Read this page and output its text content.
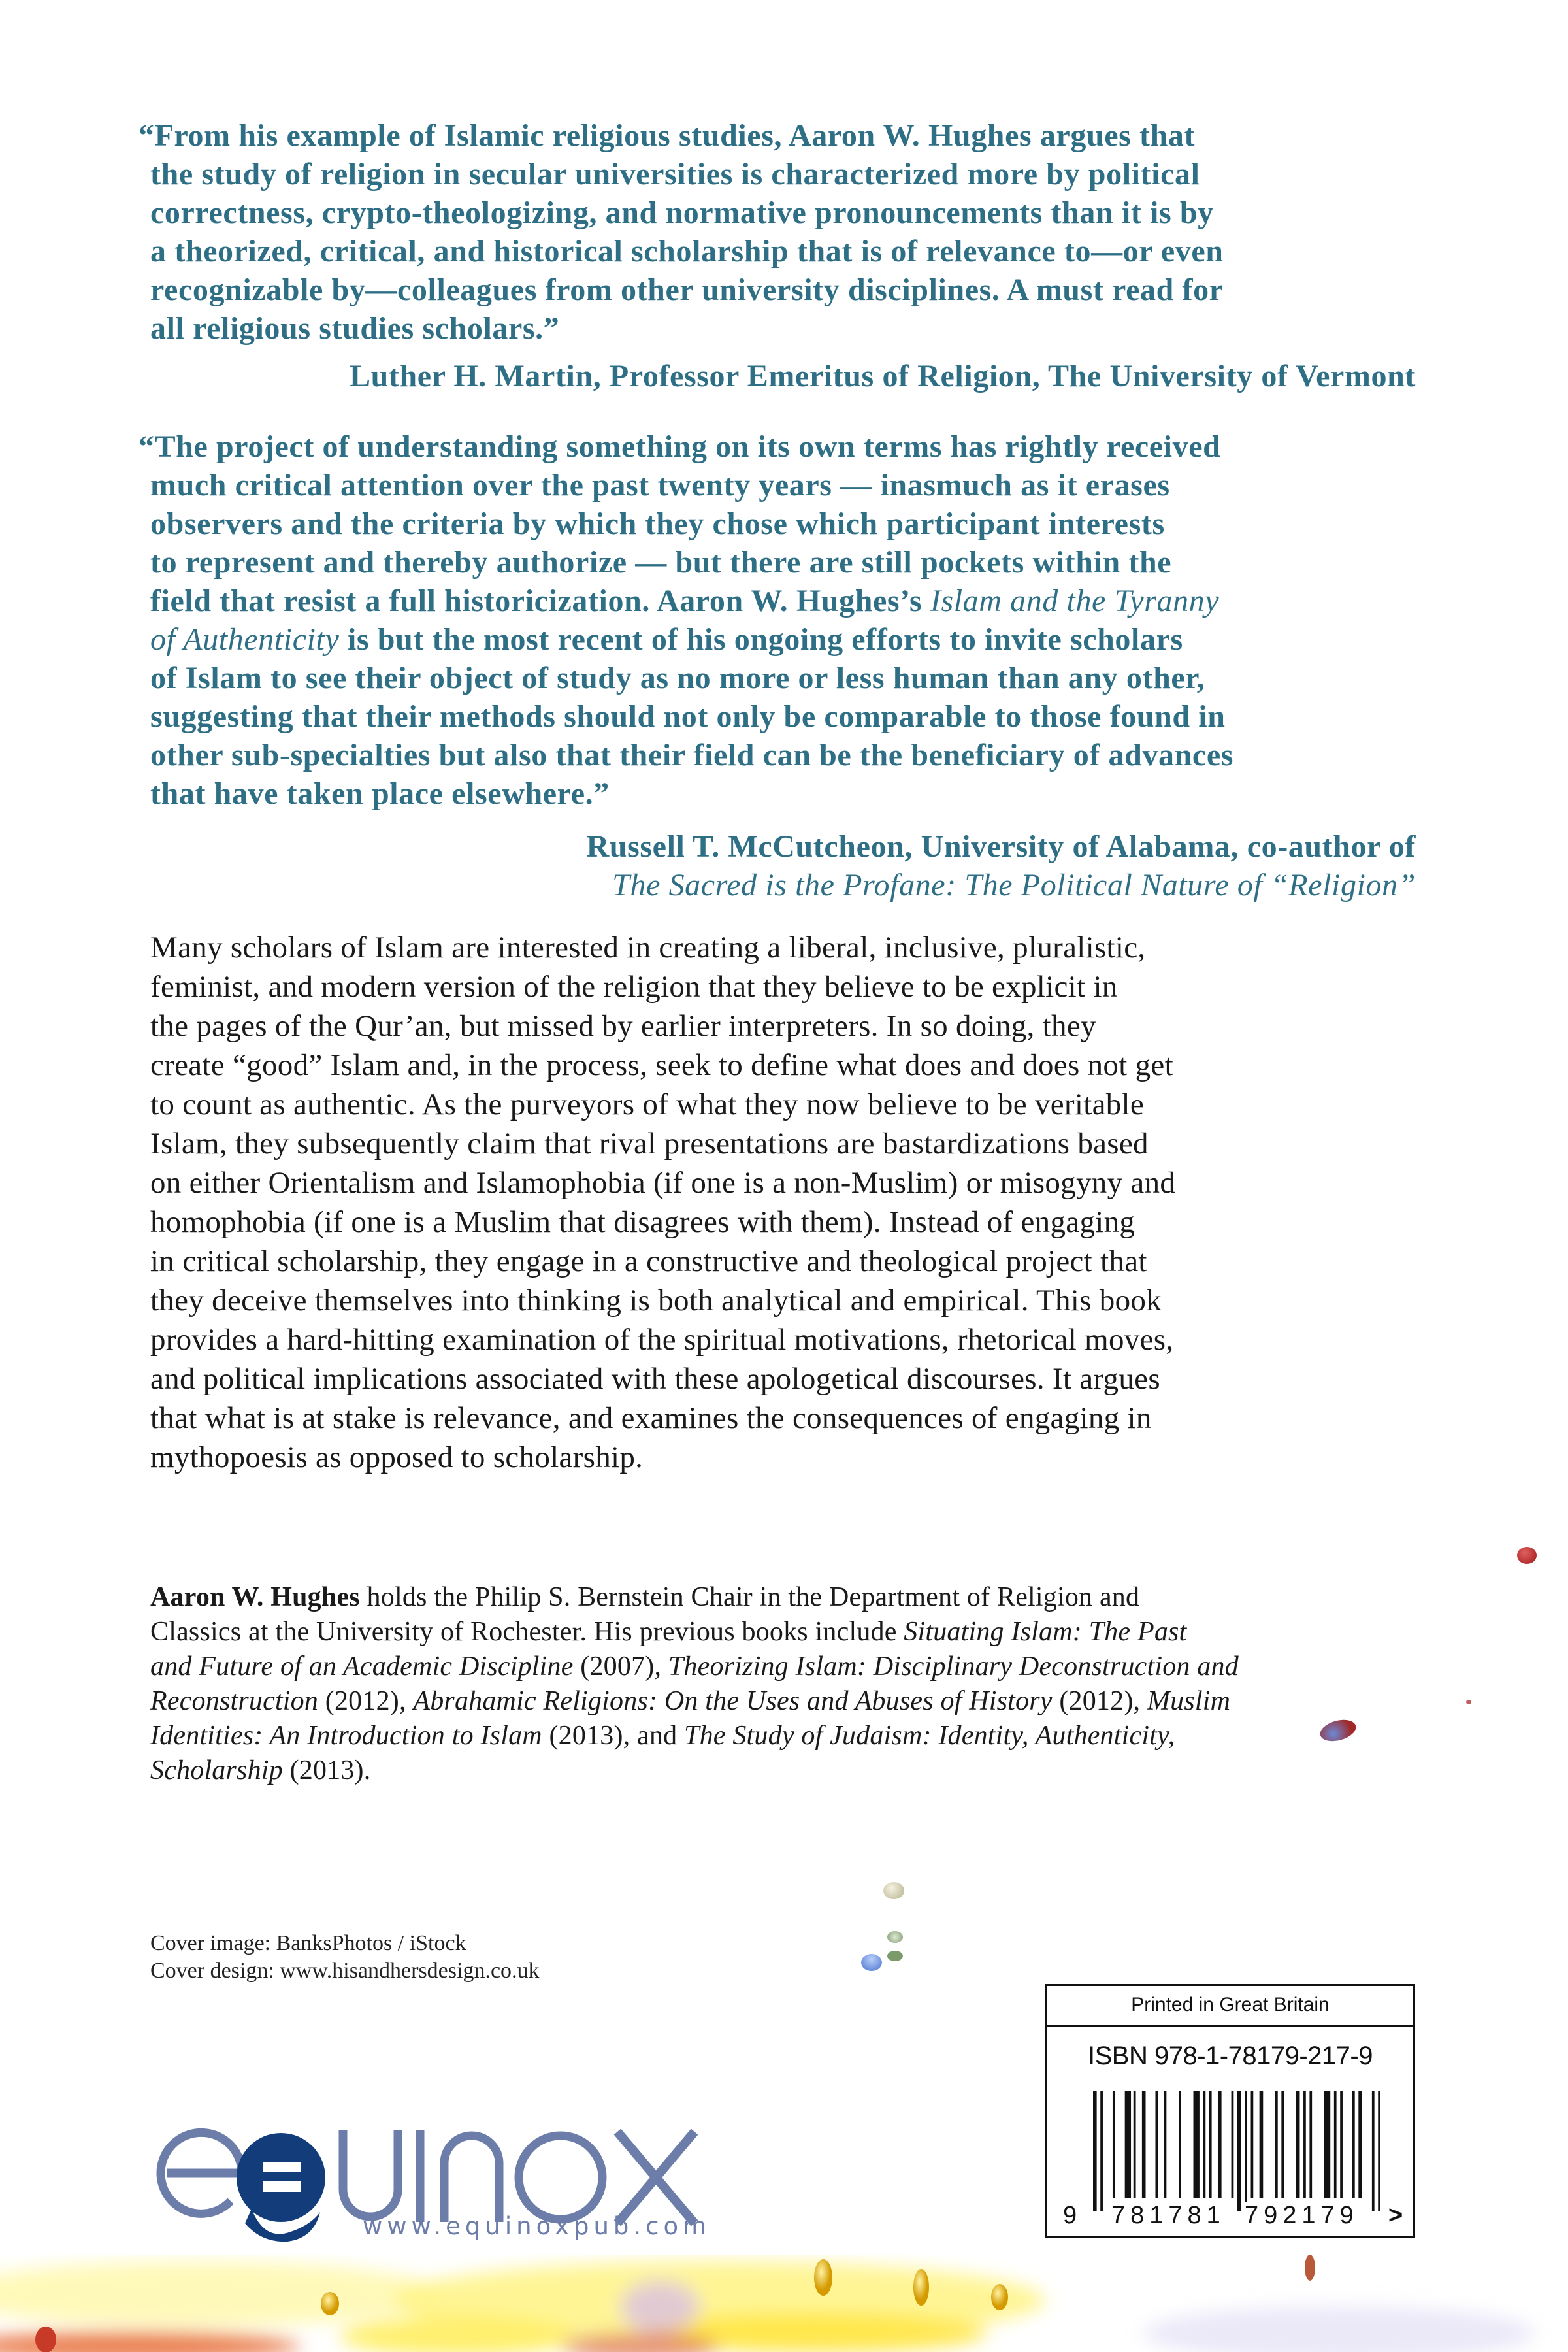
“From his example of Islamic religious studies, Aaron W. Hughes argues that
the study of religion in secular universities is characterized more by political
correctness, crypto-theologizing, and normative pronouncements than it is by
a theorized, critical, and historical scholarship that is of relevance to—or even
recognizable by—colleagues from other university disciplines. A must read for
all religious studies scholars.”
Luther H. Martin, Professor Emeritus of Religion, The University of Vermont
“The project of understanding something on its own terms has rightly received
much critical attention over the past twenty years — inasmuch as it erases
observers and the criteria by which they chose which participant interests
to represent and thereby authorize — but there are still pockets within the
field that resist a full historicization. Aaron W. Hughes’s Islam and the Tyranny
of Authenticity is but the most recent of his ongoing efforts to invite scholars
of Islam to see their object of study as no more or less human than any other,
suggesting that their methods should not only be comparable to those found in
other sub-specialties but also that their field can be the beneficiary of advances
that have taken place elsewhere.”
Russell T. McCutcheon, University of Alabama, co-author of
The Sacred is the Profane: The Political Nature of “Religion”
Many scholars of Islam are interested in creating a liberal, inclusive, pluralistic,
feminist, and modern version of the religion that they believe to be explicit in
the pages of the Qur’an, but missed by earlier interpreters. In so doing, they
create “good” Islam and, in the process, seek to define what does and does not get
to count as authentic. As the purveyors of what they now believe to be veritable
Islam, they subsequently claim that rival presentations are bastardizations based
on either Orientalism and Islamophobia (if one is a non-Muslim) or misogyny and
homophobia (if one is a Muslim that disagrees with them). Instead of engaging
in critical scholarship, they engage in a constructive and theological project that
they deceive themselves into thinking is both analytical and empirical. This book
provides a hard-hitting examination of the spiritual motivations, rhetorical moves,
and political implications associated with these apologetical discourses. It argues
that what is at stake is relevance, and examines the consequences of engaging in
mythopoesis as opposed to scholarship.
Aaron W. Hughes holds the Philip S. Bernstein Chair in the Department of Religion and
Classics at the University of Rochester. His previous books include Situating Islam: The Past
and Future of an Academic Discipline (2007), Theorizing Islam: Disciplinary Deconstruction and
Reconstruction (2012), Abrahamic Religions: On the Uses and Abuses of History (2012), Muslim
Identities: An Introduction to Islam (2013), and The Study of Judaism: Identity, Authenticity,
Scholarship (2013).
Cover image: BanksPhotos / iStock
Cover design: www.hisandhersdesign.co.uk
Printed in Great Britain
ISBN 978-1-78179-217-9
9 781781 792179 >
www.equinoxpub.com
